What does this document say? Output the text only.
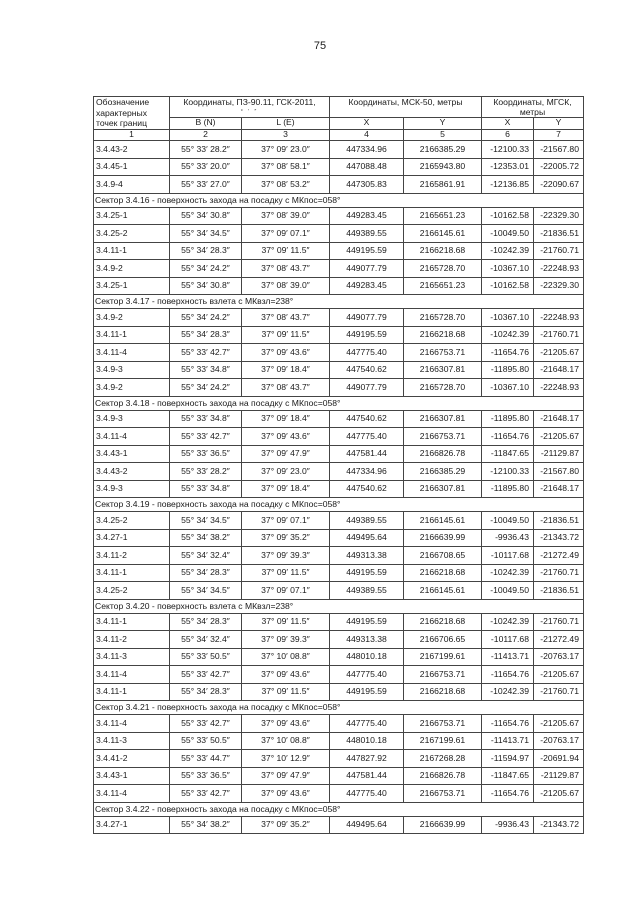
75
Обозначение характерных точек границ	Координаты, ПЗ-90.11, ГСК-2011,
° ′ ″		Координаты, МСК-50, метры		Координаты, МГСК, метры	
	B (N)	L (E)	X	Y	X	Y
1	2	3	4	5	6	7
3.4.43-2	55° 33′ 28.2″	37° 09′ 23.0″	447334.96	2166385.29	-12100.33	-21567.80
3.4.45-1	55° 33′ 20.0″	37° 08′ 58.1″	447088.48	2165943.80	-12353.01	-22005.72
3.4.9-4	55° 33′ 27.0″	37° 08′ 53.2″	447305.83	2165861.91	-12136.85	-22090.67
Сектор 3.4.16 - поверхность захода на посадку с МКпос=058°						
3.4.25-1	55° 34′ 30.8″	37° 08′ 39.0″	449283.45	2165651.23	-10162.58	-22329.30
3.4.25-2	55° 34′ 34.5″	37° 09′ 07.1″	449389.55	2166145.61	-10049.50	-21836.51
3.4.11-1	55° 34′ 28.3″	37° 09′ 11.5″	449195.59	2166218.68	-10242.39	-21760.71
3.4.9-2	55° 34′ 24.2″	37° 08′ 43.7″	449077.79	2165728.70	-10367.10	-22248.93
3.4.25-1	55° 34′ 30.8″	37° 08′ 39.0″	449283.45	2165651.23	-10162.58	-22329.30
Сектор 3.4.17 - поверхность взлета с МКвзл=238°						
3.4.9-2	55° 34′ 24.2″	37° 08′ 43.7″	449077.79	2165728.70	-10367.10	-22248.93
3.4.11-1	55° 34′ 28.3″	37° 09′ 11.5″	449195.59	2166218.68	-10242.39	-21760.71
3.4.11-4	55° 33′ 42.7″	37° 09′ 43.6″	447775.40	2166753.71	-11654.76	-21205.67
3.4.9-3	55° 33′ 34.8″	37° 09′ 18.4″	447540.62	2166307.81	-11895.80	-21648.17
3.4.9-2	55° 34′ 24.2″	37° 08′ 43.7″	449077.79	2165728.70	-10367.10	-22248.93
Сектор 3.4.18 - поверхность захода на посадку с МКпос=058°						
3.4.9-3	55° 33′ 34.8″	37° 09′ 18.4″	447540.62	2166307.81	-11895.80	-21648.17
3.4.11-4	55° 33′ 42.7″	37° 09′ 43.6″	447775.40	2166753.71	-11654.76	-21205.67
3.4.43-1	55° 33′ 36.5″	37° 09′ 47.9″	447581.44	2166826.78	-11847.65	-21129.87
3.4.43-2	55° 33′ 28.2″	37° 09′ 23.0″	447334.96	2166385.29	-12100.33	-21567.80
3.4.9-3	55° 33′ 34.8″	37° 09′ 18.4″	447540.62	2166307.81	-11895.80	-21648.17
Сектор 3.4.19 - поверхность захода на посадку с МКпос=058°						
3.4.25-2	55° 34′ 34.5″	37° 09′ 07.1″	449389.55	2166145.61	-10049.50	-21836.51
3.4.27-1	55° 34′ 38.2″	37° 09′ 35.2″	449495.64	2166639.99	-9936.43	-21343.72
3.4.11-2	55° 34′ 32.4″	37° 09′ 39.3″	449313.38	2166708.65	-10117.68	-21272.49
3.4.11-1	55° 34′ 28.3″	37° 09′ 11.5″	449195.59	2166218.68	-10242.39	-21760.71
3.4.25-2	55° 34′ 34.5″	37° 09′ 07.1″	449389.55	2166145.61	-10049.50	-21836.51
Сектор 3.4.20 - поверхность взлета с МКвзл=238°						
3.4.11-1	55° 34′ 28.3″	37° 09′ 11.5″	449195.59	2166218.68	-10242.39	-21760.71
3.4.11-2	55° 34′ 32.4″	37° 09′ 39.3″	449313.38	2166706.65	-10117.68	-21272.49
3.4.11-3	55° 33′ 50.5″	37° 10′ 08.8″	448010.18	2167199.61	-11413.71	-20763.17
3.4.11-4	55° 33′ 42.7″	37° 09′ 43.6″	447775.40	2166753.71	-11654.76	-21205.67
3.4.11-1	55° 34′ 28.3″	37° 09′ 11.5″	449195.59	2166218.68	-10242.39	-21760.71
Сектор 3.4.21 - поверхность захода на посадку с МКпос=058°						
3.4.11-4	55° 33′ 42.7″	37° 09′ 43.6″	447775.40	2166753.71	-11654.76	-21205.67
3.4.11-3	55° 33′ 50.5″	37° 10′ 08.8″	448010.18	2167199.61	-11413.71	-20763.17
3.4.41-2	55° 33′ 44.7″	37° 10′ 12.9″	447827.92	2167268.28	-11594.97	-20691.94
3.4.43-1	55° 33′ 36.5″	37° 09′ 47.9″	447581.44	2166826.78	-11847.65	-21129.87
3.4.11-4	55° 33′ 42.7″	37° 09′ 43.6″	447775.40	2166753.71	-11654.76	-21205.67
Сектор 3.4.22 - поверхность захода на посадку с МКпос=058°						
3.4.27-1	55° 34′ 38.2″	37° 09′ 35.2″	449495.64	2166639.99	-9936.43	-21343.72
